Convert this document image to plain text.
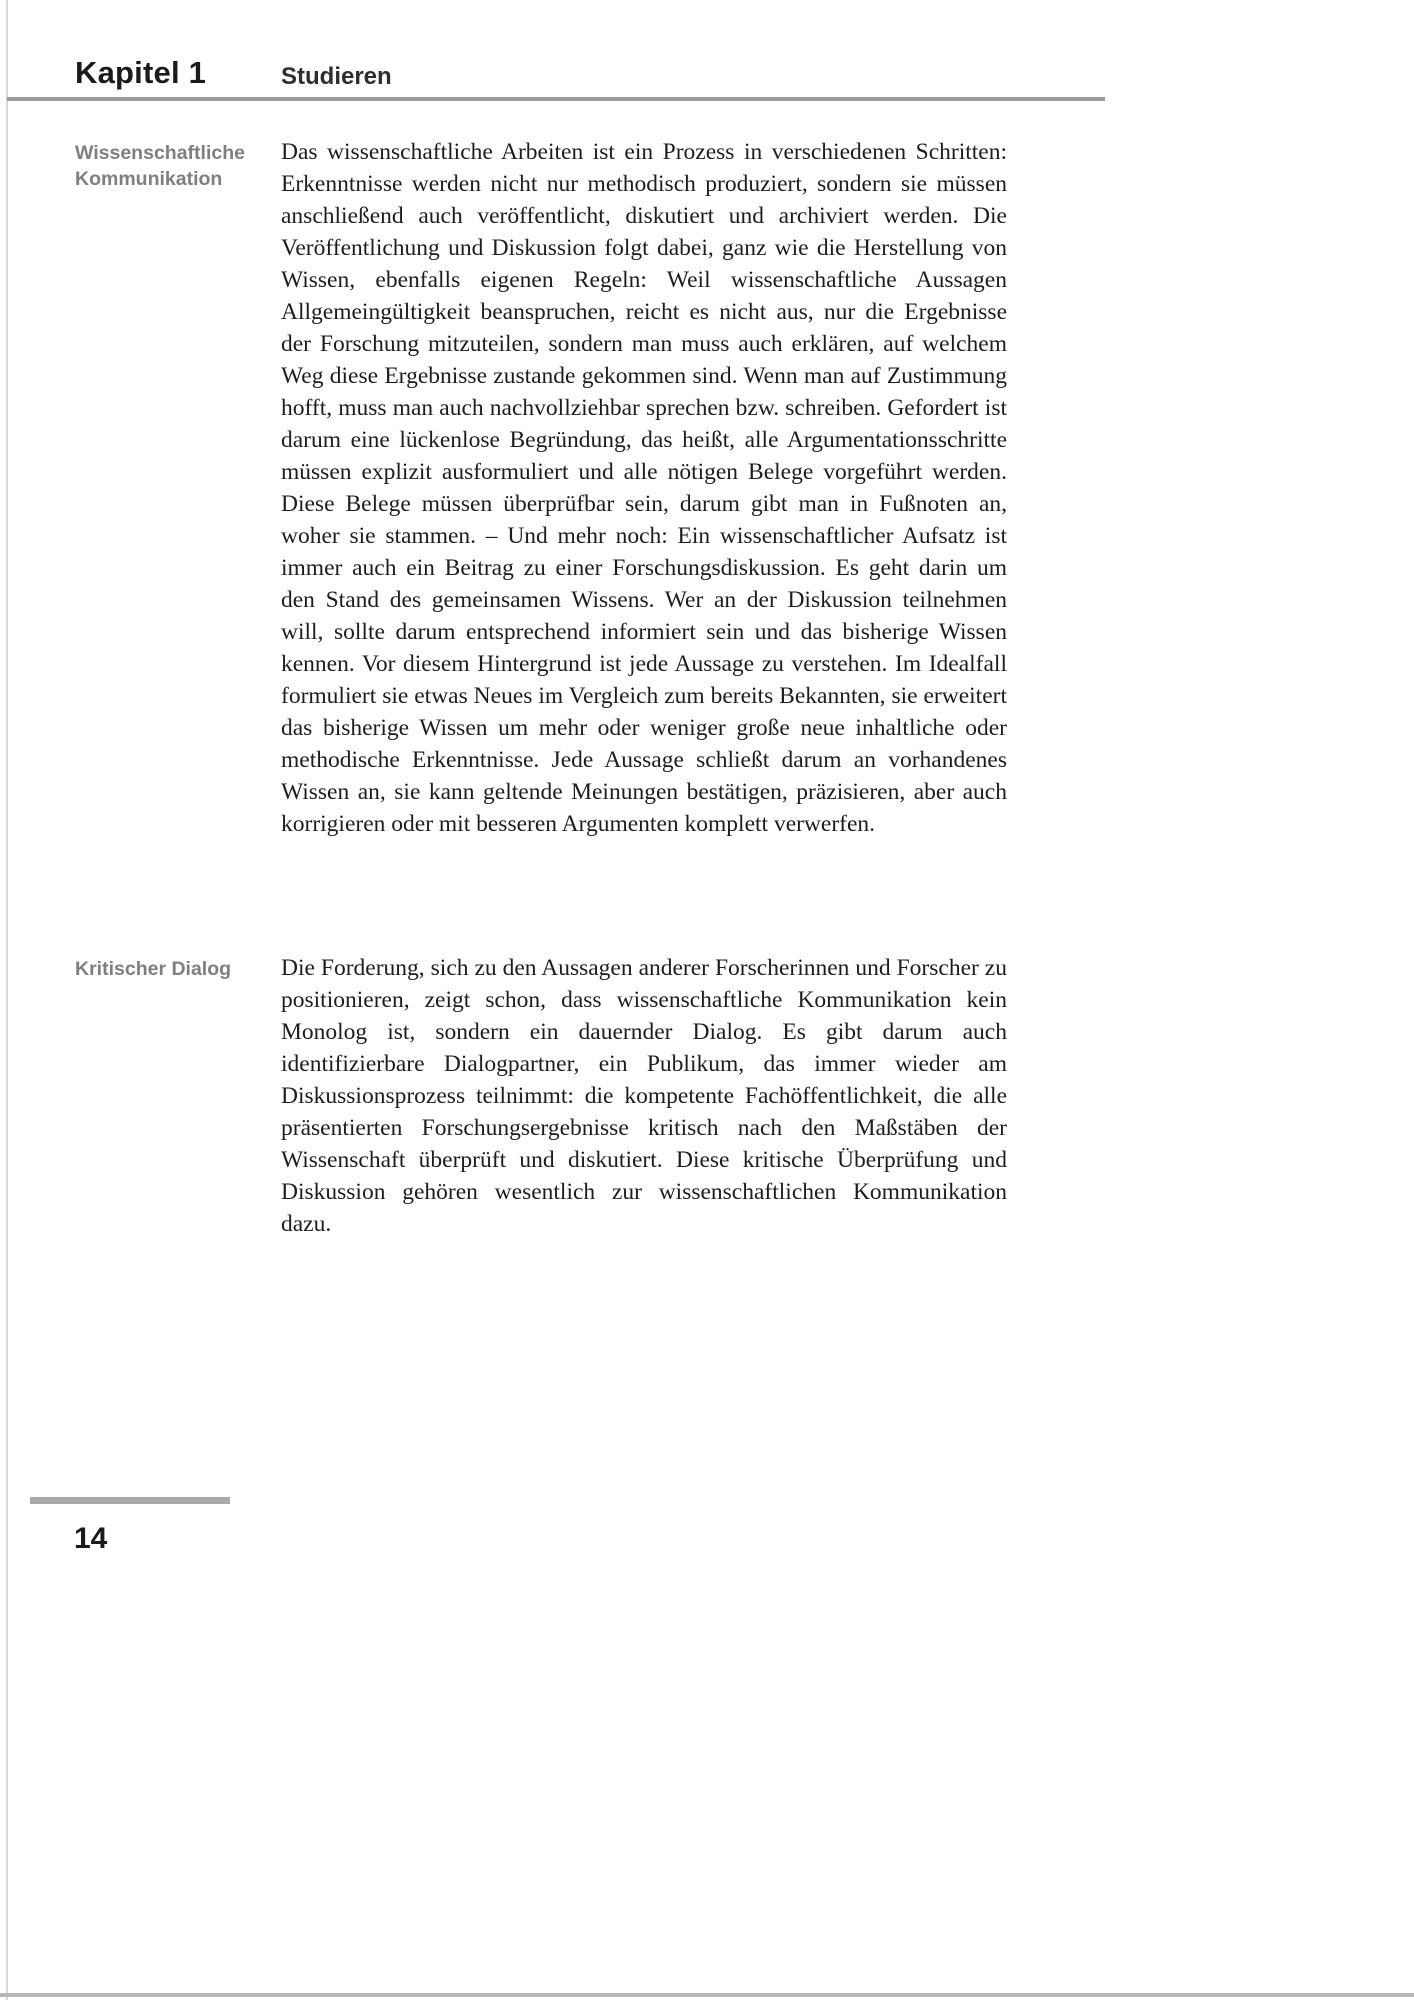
Kapitel 1	Studieren
Wissenschaftliche Kommunikation
Das wissenschaftliche Arbeiten ist ein Prozess in verschiedenen Schritten: Erkenntnisse werden nicht nur methodisch produziert, sondern sie müssen anschließend auch veröffentlicht, diskutiert und archiviert werden. Die Veröffentlichung und Diskussion folgt dabei, ganz wie die Herstellung von Wissen, ebenfalls eigenen Regeln: Weil wissenschaftliche Aussagen Allgemeingültigkeit beanspruchen, reicht es nicht aus, nur die Ergebnisse der Forschung mitzuteilen, sondern man muss auch erklären, auf welchem Weg diese Ergebnisse zustande gekommen sind. Wenn man auf Zustimmung hofft, muss man auch nachvollziehbar sprechen bzw. schreiben. Gefordert ist darum eine lückenlose Begründung, das heißt, alle Argumentationsschritte müssen explizit ausformuliert und alle nötigen Belege vorgeführt werden. Diese Belege müssen überprüfbar sein, darum gibt man in Fußnoten an, woher sie stammen. – Und mehr noch: Ein wissenschaftlicher Aufsatz ist immer auch ein Beitrag zu einer Forschungsdiskussion. Es geht darin um den Stand des gemeinsamen Wissens. Wer an der Diskussion teilnehmen will, sollte darum entsprechend informiert sein und das bisherige Wissen kennen. Vor diesem Hintergrund ist jede Aussage zu verstehen. Im Idealfall formuliert sie etwas Neues im Vergleich zum bereits Bekannten, sie erweitert das bisherige Wissen um mehr oder weniger große neue inhaltliche oder methodische Erkenntnisse. Jede Aussage schließt darum an vorhandenes Wissen an, sie kann geltende Meinungen bestätigen, präzisieren, aber auch korrigieren oder mit besseren Argumenten komplett verwerfen.
Kritischer Dialog	Die Forderung, sich zu den Aussagen anderer Forscherinnen und Forscher zu positionieren, zeigt schon, dass wissenschaftliche Kommunikation kein Monolog ist, sondern ein dauernder Dialog. Es gibt darum auch identifizierbare Dialogpartner, ein Publikum, das immer wieder am Diskussionsprozess teilnimmt: die kompetente Fachöffentlichkeit, die alle präsentierten Forschungsergebnisse kritisch nach den Maßstäben der Wissenschaft überprüft und diskutiert. Diese kritische Überprüfung und Diskussion gehören wesentlich zur wissenschaftlichen Kommunikation dazu.
14
